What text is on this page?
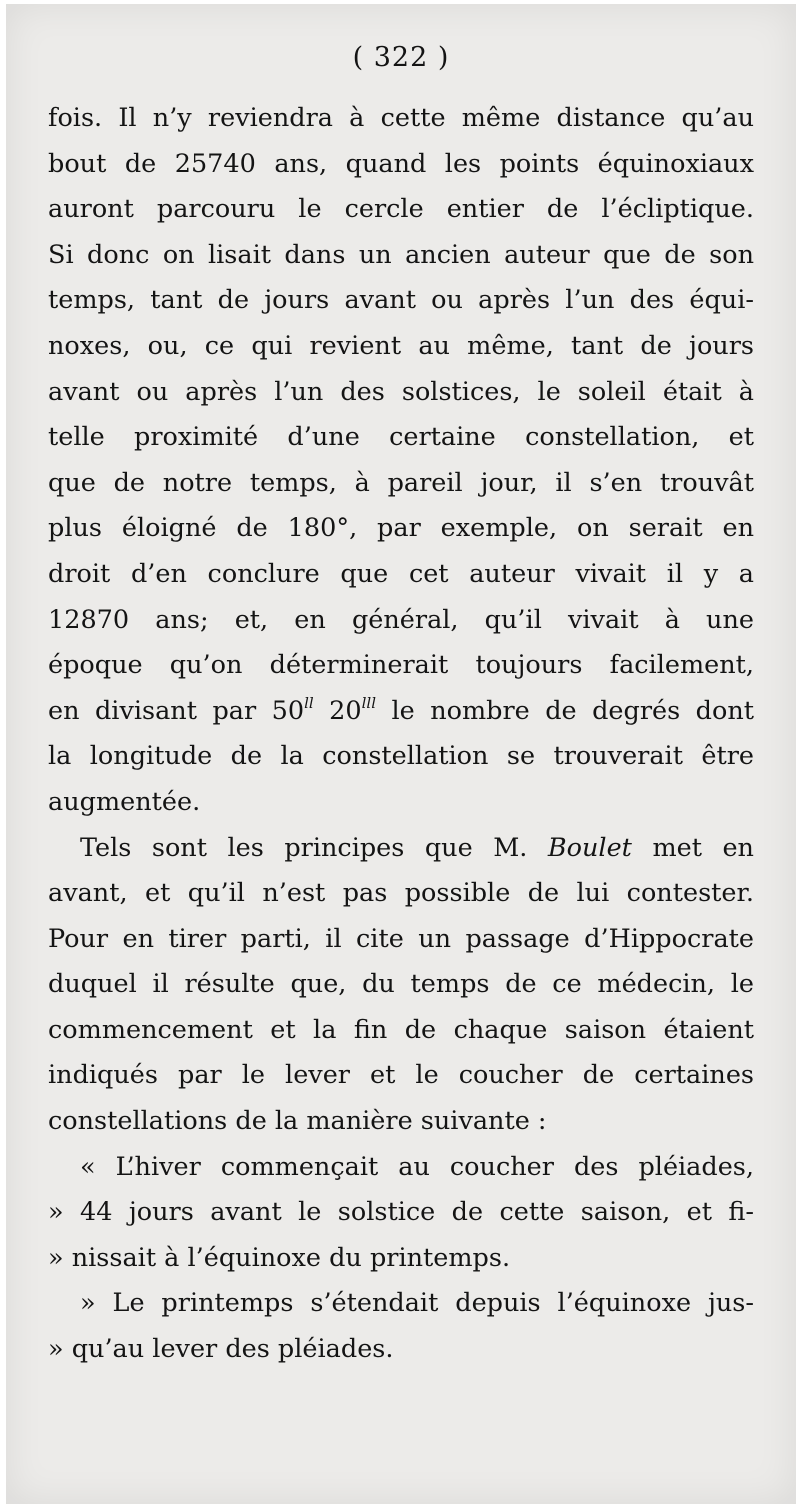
( 322 )
fois. Il n’y reviendra à cette même distance qu’au
bout de 25740 ans, quand les points équinoxiaux
auront parcouru le cercle entier de l’écliptique.
Si donc on lisait dans un ancien auteur que de son
temps, tant de jours avant ou après l’un des équi-
noxes, ou, ce qui revient au même, tant de jours
avant ou après l’un des solstices, le soleil était à
telle proximité d’une certaine constellation, et
que de notre temps, à pareil jour, il s’en trouvât
plus éloigné de 180°, par exemple, on serait en
droit d’en conclure que cet auteur vivait il y a
12870 ans; et, en général, qu’il vivait à une
époque qu’on déterminerait toujours facilement,
en divisant par $50^{ll}$ $20^{lll}$ le nombre de degrés dont
la longitude de la constellation se trouverait être
augmentée.
Tels sont les principes que M. Boulet met en
avant, et qu’il n’est pas possible de lui contester.
Pour en tirer parti, il cite un passage d’Hippocrate
duquel il résulte que, du temps de ce médecin, le
commencement et la fin de chaque saison étaient
indiqués par le lever et le coucher de certaines
constellations de la manière suivante :
« L’hiver commençait au coucher des pléiades,
» 44 jours avant le solstice de cette saison, et fi-
» nissait à l’équinoxe du printemps.
» Le printemps s’étendait depuis l’équinoxe jus-
» qu’au lever des pléiades.
